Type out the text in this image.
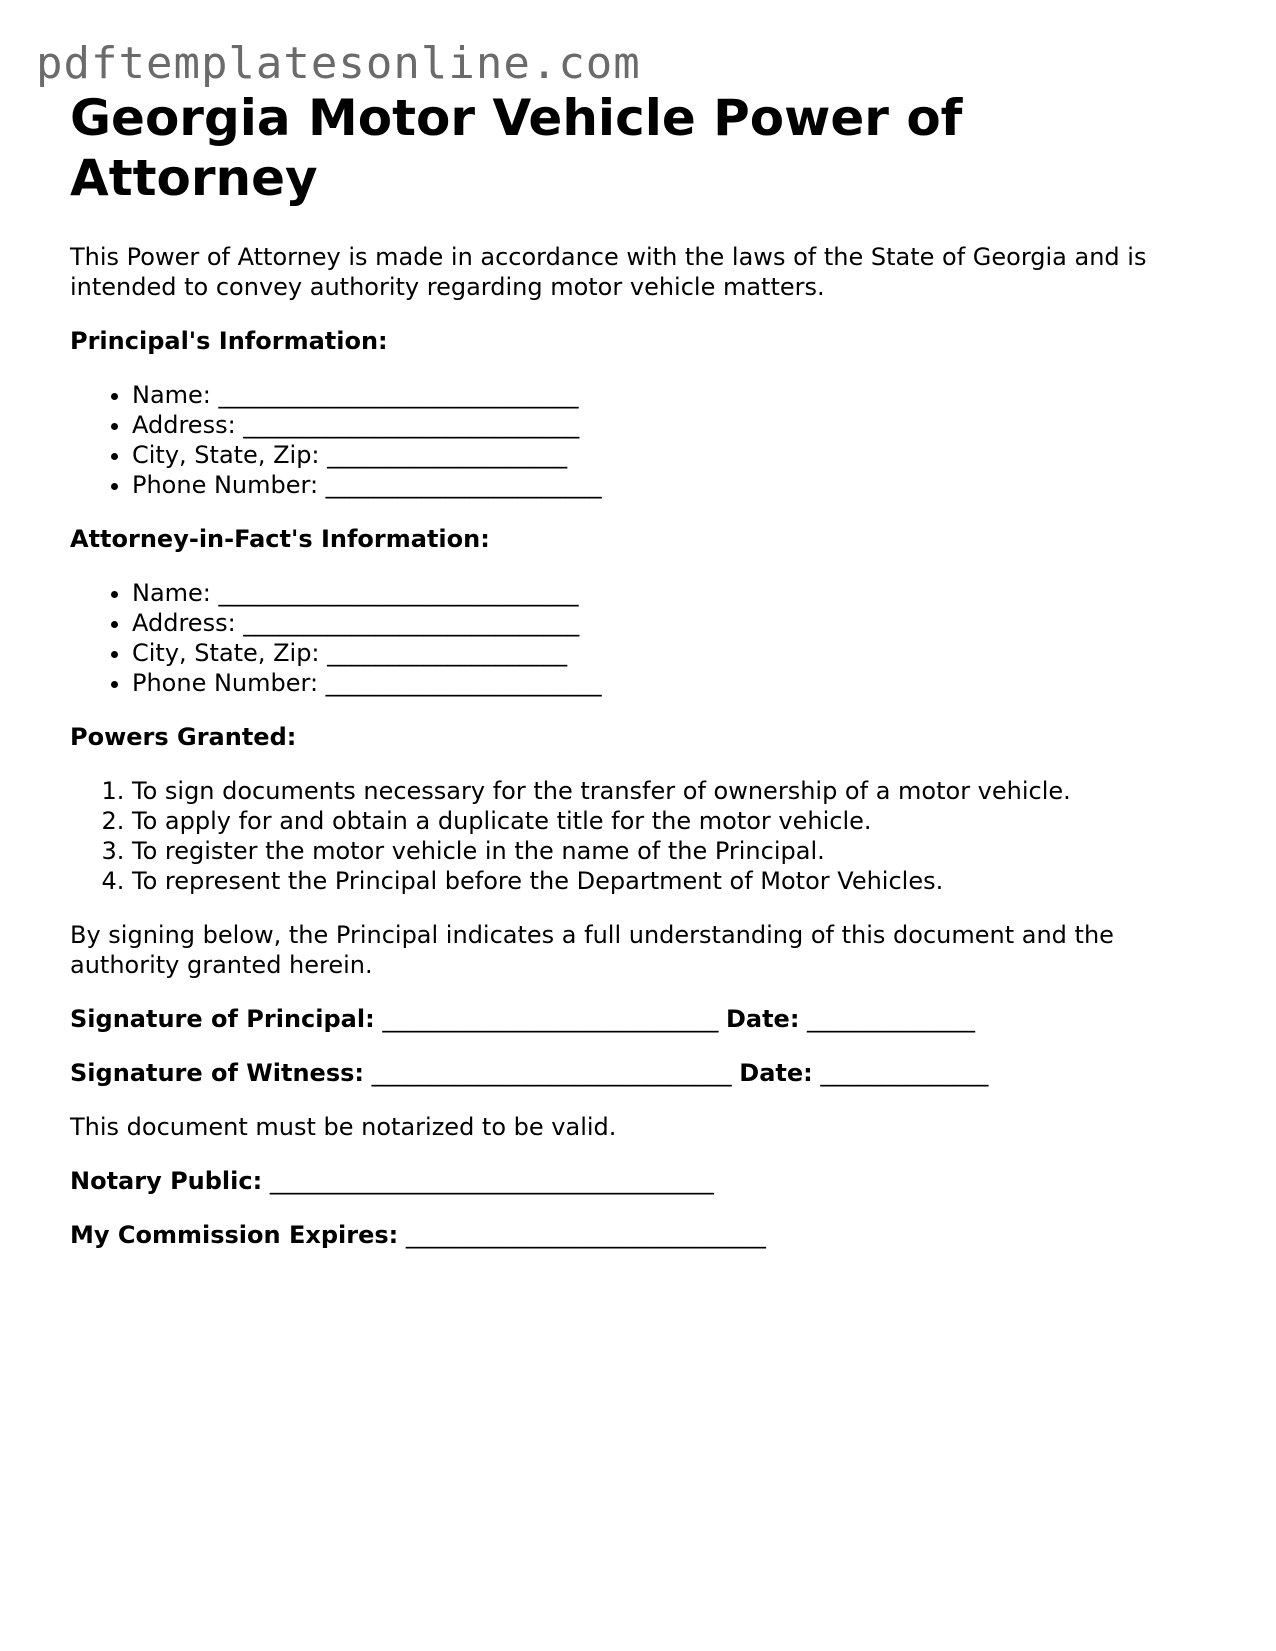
pdftemplatesonline.com
Georgia Motor Vehicle Power of Attorney

This Power of Attorney is made in accordance with the laws of the State of Georgia and is intended to convey authority regarding motor vehicle matters.

Principal's Information:

• Name: ______________________________
• Address: ____________________________
• City, State, Zip: ____________________
• Phone Number: _______________________

Attorney-in-Fact's Information:

• Name: ______________________________
• Address: ____________________________
• City, State, Zip: ____________________
• Phone Number: _______________________

Powers Granted:

1. To sign documents necessary for the transfer of ownership of a motor vehicle.
2. To apply for and obtain a duplicate title for the motor vehicle.
3. To register the motor vehicle in the name of the Principal.
4. To represent the Principal before the Department of Motor Vehicles.

By signing below, the Principal indicates a full understanding of this document and the authority granted herein.

Signature of Principal: ____________________________ Date: ______________

Signature of Witness: ______________________________ Date: ______________

This document must be notarized to be valid.

Notary Public: _____________________________________

My Commission Expires: ______________________________
